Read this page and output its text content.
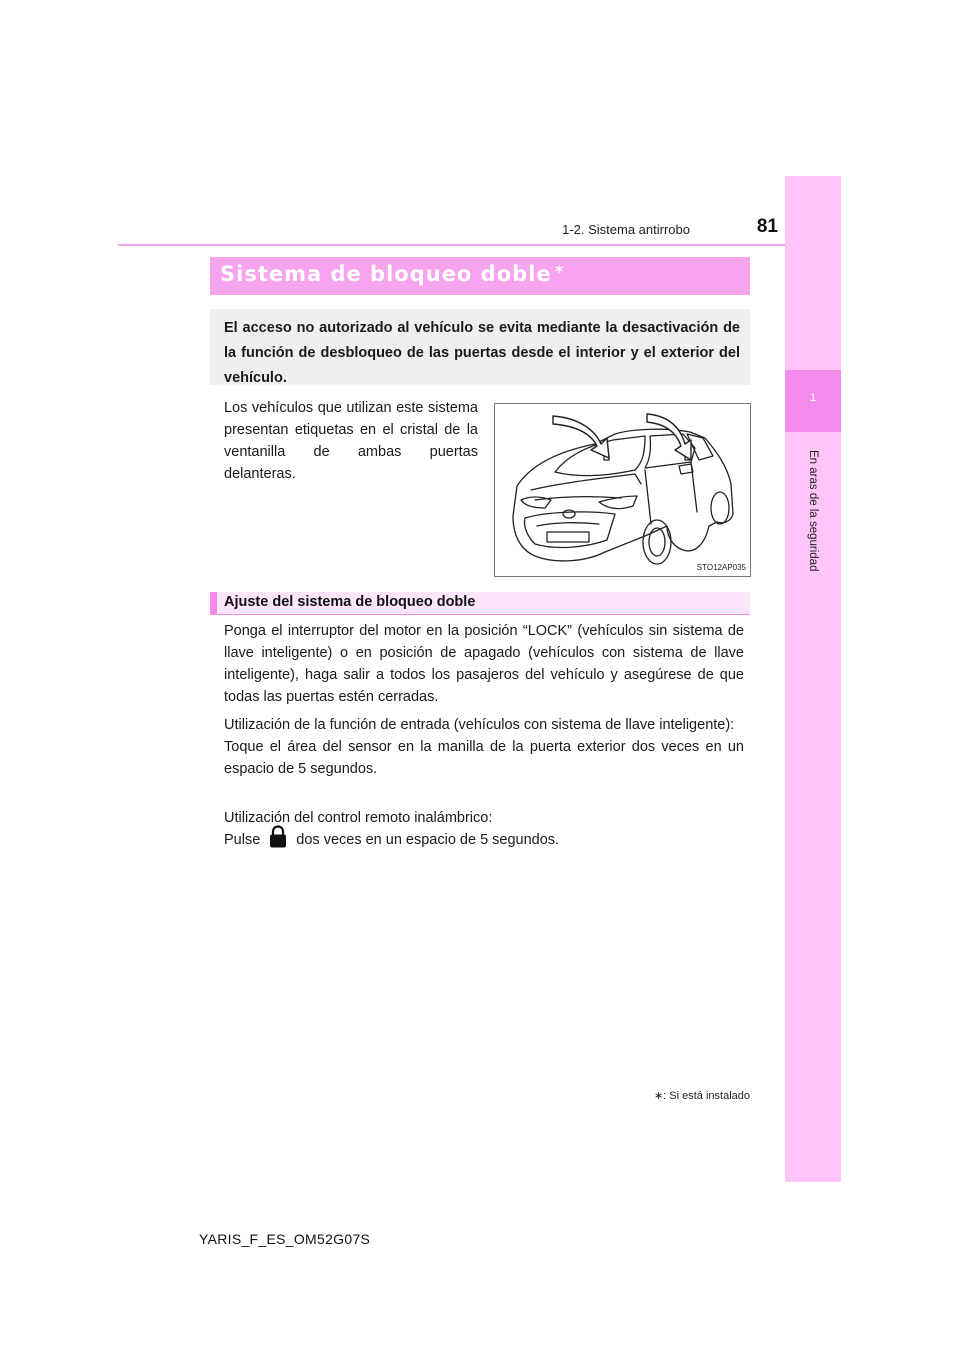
1-2. Sistema antirrobo	81
1
En aras de la seguridad
Sistema de bloqueo doble ∗
El acceso no autorizado al vehículo se evita mediante la desactivación de la función de desbloqueo de las puertas desde el interior y el exterior del vehículo.

Los vehículos que utilizan este sistema presentan etiquetas en el cristal de la ventanilla de ambas puertas delanteras.

STO12AP035
Ajuste del sistema de bloqueo doble

Ponga el interruptor del motor en la posición “LOCK” (vehículos sin sistema de llave inteligente) o en posición de apagado (vehículos con sistema de llave inteligente), haga salir a todos los pasajeros del vehículo y asegúrese de que todas las puertas estén cerradas.

Utilización de la función de entrada (vehículos con sistema de llave inteligente):

Toque el área del sensor en la manilla de la puerta exterior dos veces en un espacio de 5 segundos.

Utilización del control remoto inalámbrico:

Pulse dos veces en un espacio de 5 segundos.

∗: Si está instalado
YARIS_F_ES_OM52G07S
